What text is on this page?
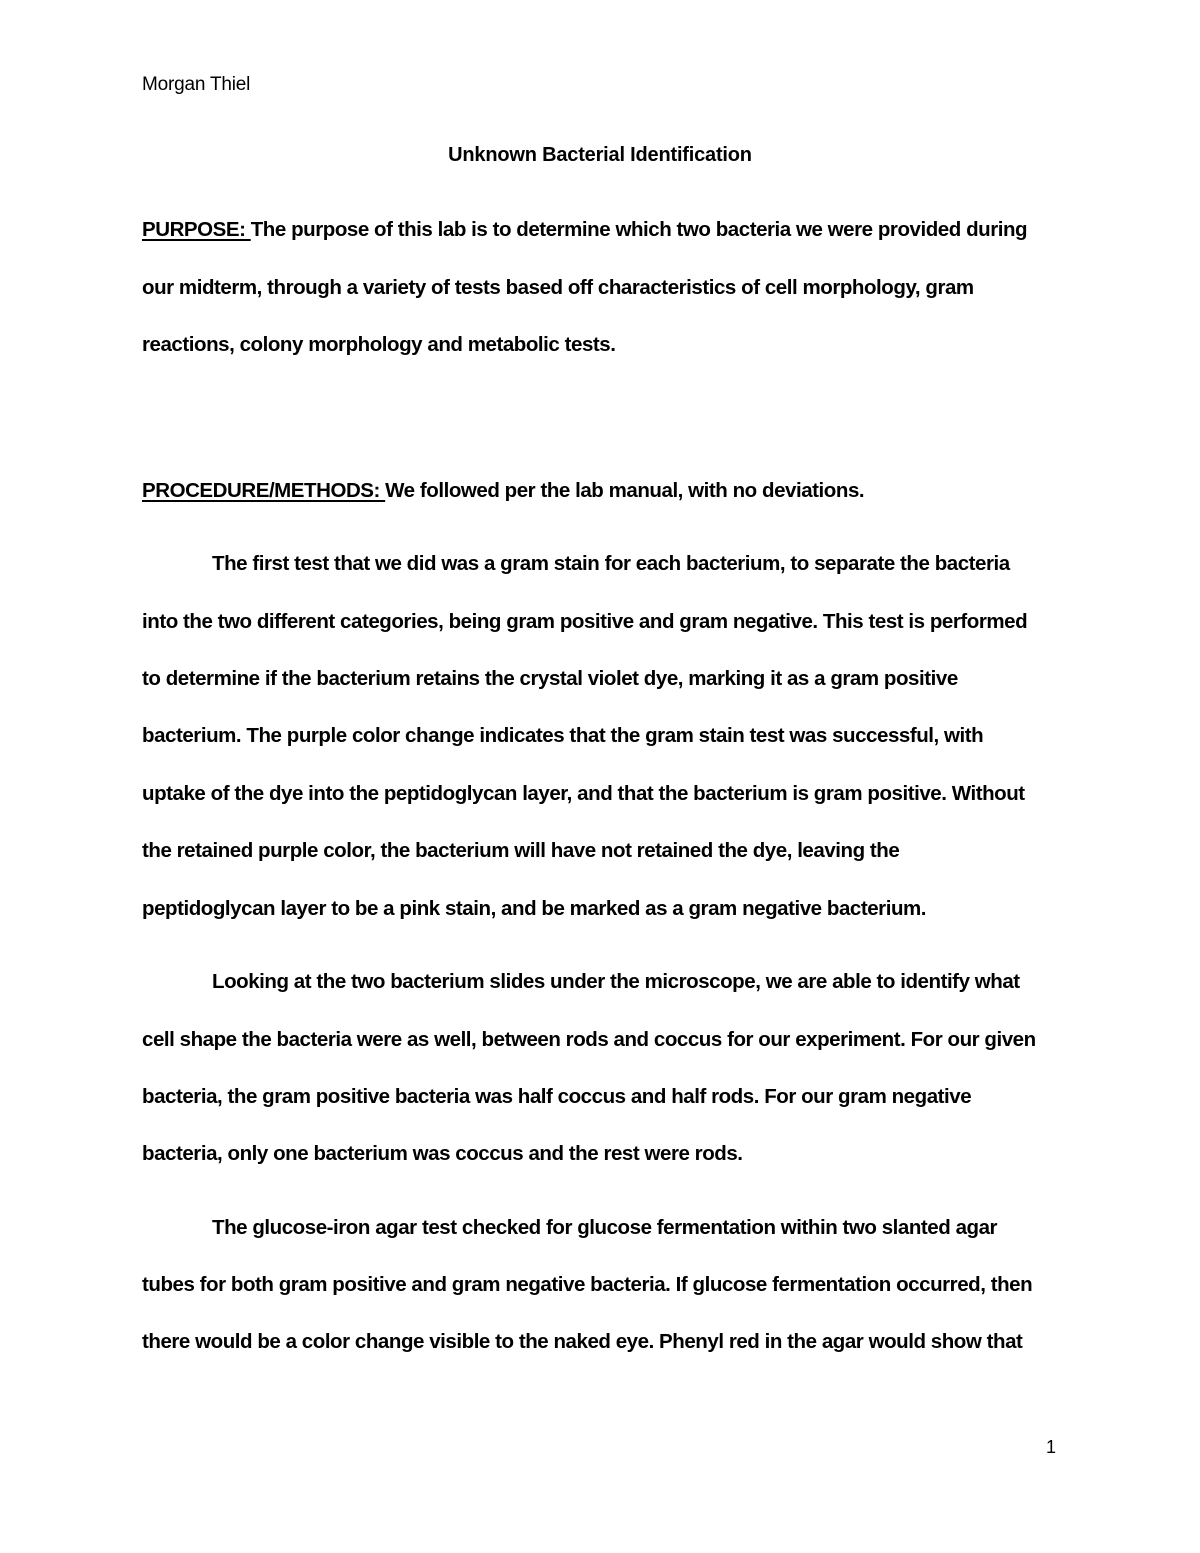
Morgan Thiel
Unknown Bacterial Identification
PURPOSE: The purpose of this lab is to determine which two bacteria we were provided during
our midterm, through a variety of tests based off characteristics of cell morphology, gram
reactions, colony morphology and metabolic tests.
PROCEDURE/METHODS: We followed per the lab manual, with no deviations.
The first test that we did was a gram stain for each bacterium, to separate the bacteria
into the two different categories, being gram positive and gram negative. This test is performed
to determine if the bacterium retains the crystal violet dye, marking it as a gram positive
bacterium. The purple color change indicates that the gram stain test was successful, with
uptake of the dye into the peptidoglycan layer, and that the bacterium is gram positive. Without
the retained purple color, the bacterium will have not retained the dye, leaving the
peptidoglycan layer to be a pink stain, and be marked as a gram negative bacterium.
Looking at the two bacterium slides under the microscope, we are able to identify what
cell shape the bacteria were as well, between rods and coccus for our experiment. For our given
bacteria, the gram positive bacteria was half coccus and half rods. For our gram negative
bacteria, only one bacterium was coccus and the rest were rods.
The glucose-iron agar test checked for glucose fermentation within two slanted agar
tubes for both gram positive and gram negative bacteria. If glucose fermentation occurred, then
there would be a color change visible to the naked eye. Phenyl red in the agar would show that
1
